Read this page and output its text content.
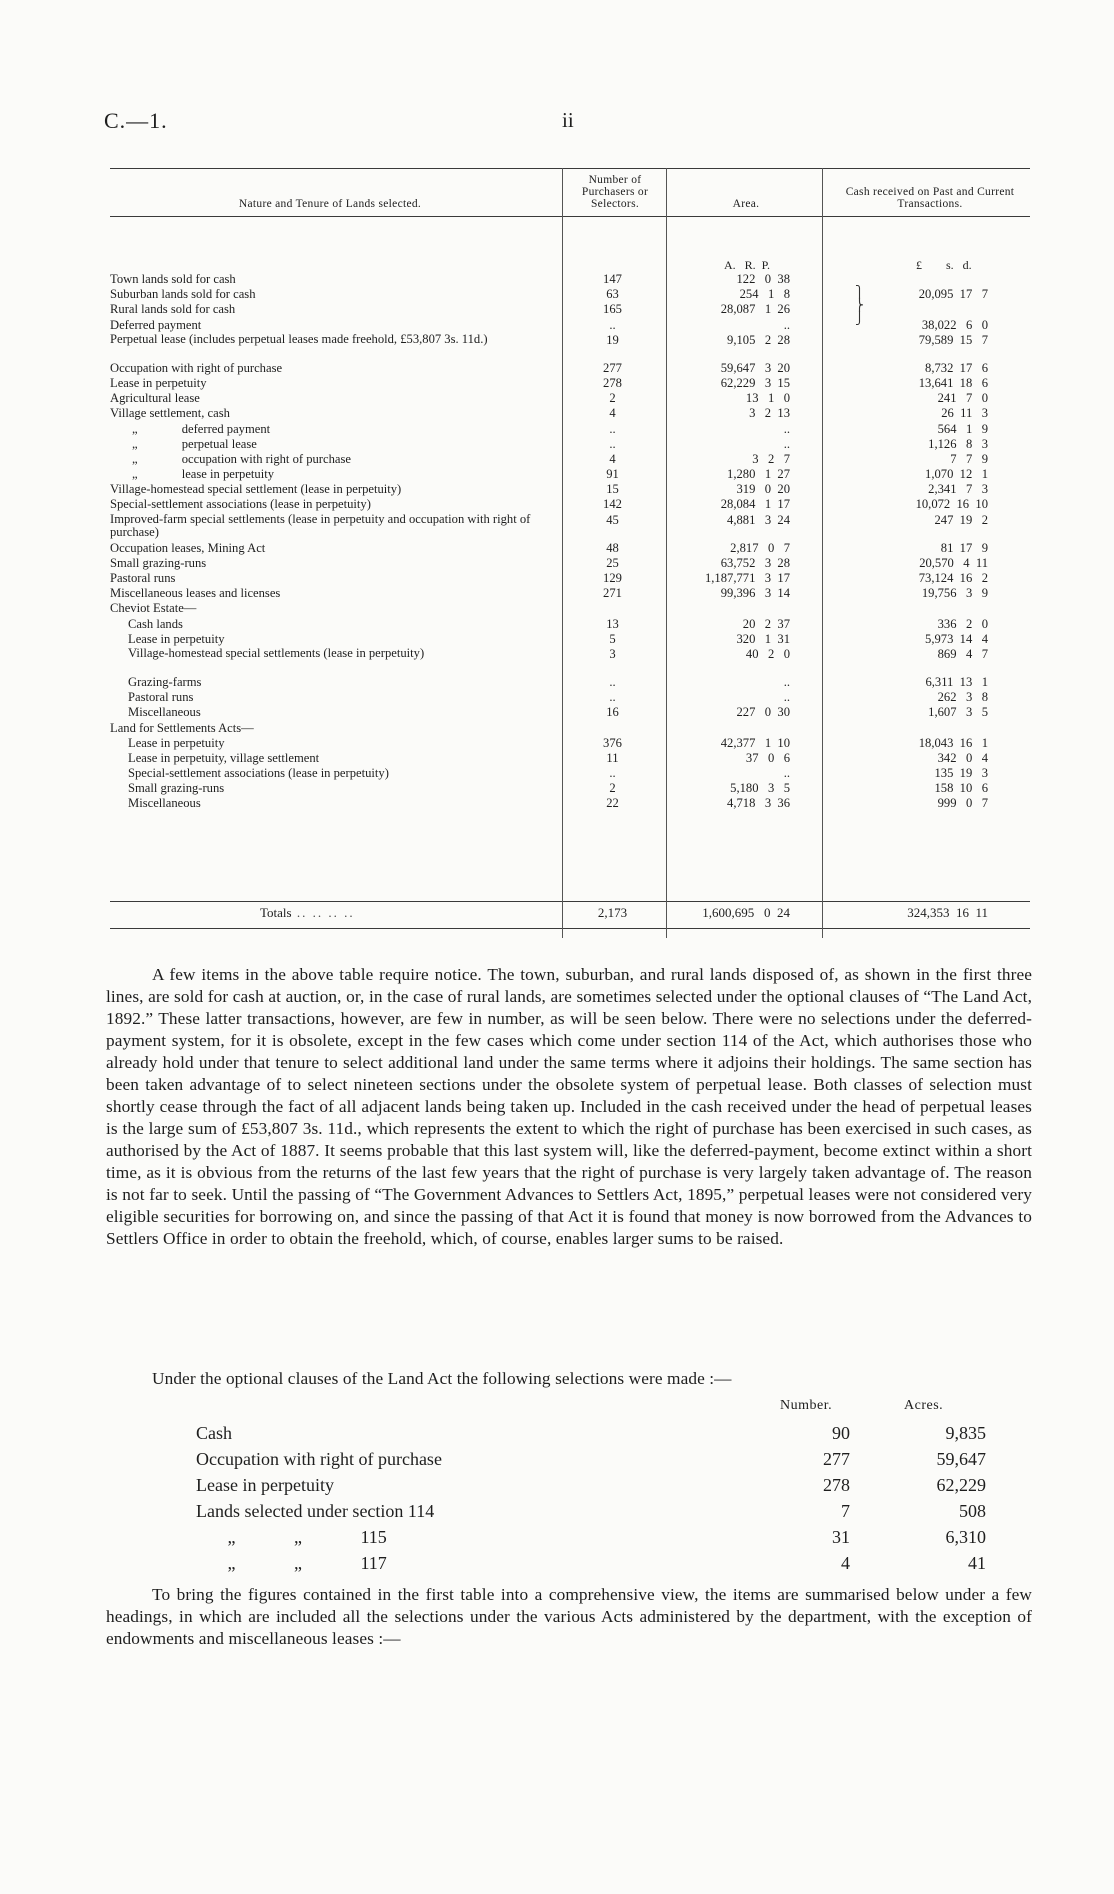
C.—1.	ii
Nature and Tenure of Lands selected.
Number of Purchasers or Selectors.	Area.
Cash received on Past and Current Transactions.
A.   R.  P.	£        s.   d.
⎫
⎬
⎭
Town lands sold for cash	147	122   0  38
Suburban lands sold for cash	63	254   1   8	20,095  17   7
Rural lands sold for cash	165	28,087   1  26
Deferred payment	..	..	38,022   6   0
Perpetual lease (includes perpetual leases made freehold, £53,807 3s. 11d.)	19	9,105   2  28	79,589  15   7
Occupation with right of purchase	277	59,647   3  20	8,732  17   6
Lease in perpetuity	278	62,229   3  15	13,641  18   6
Agricultural lease	2	13   1   0	241   7   0
Village settlement, cash	4	3   2  13	26  11   3
„              deferred payment	..	..	564   1   9
„              perpetual lease	..	..	1,126   8   3
„              occupation with right of purchase	4	3   2   7	7   7   9
„              lease in perpetuity	91	1,280   1  27	1,070  12   1
Village-homestead special settlement (lease in perpetuity)	15	319   0  20	2,341   7   3
Special-settlement associations (lease in perpetuity)	142	28,084   1  17	10,072  16  10
Improved-farm special settlements (lease in perpetuity and occupation with right of purchase)
45	4,881   3  24	247  19   2
Occupation leases, Mining Act	48	2,817   0   7	81  17   9
Small grazing-runs	25	63,752   3  28	20,570   4  11
Pastoral runs	129	1,187,771   3  17	73,124  16   2
Miscellaneous leases and licenses	271	99,396   3  14	19,756   3   9
Cheviot Estate—
Cash lands	13	20   2  37	336   2   0
Lease in perpetuity	5	320   1  31	5,973  14   4
Village-homestead special settlements (lease in perpetuity)	3	40   2   0	869   4   7
Grazing-farms	..	..	6,311  13   1
Pastoral runs	..	..	262   3   8
Miscellaneous	16	227   0  30	1,607   3   5
Land for Settlements Acts—
Lease in perpetuity	376	42,377   1  10	18,043  16   1
Lease in perpetuity, village settlement	11	37   0   6	342   0   4
Special-settlement associations (lease in perpetuity)	..	..	135  19   3
Small grazing-runs	2	5,180   3   5	158  10   6
Miscellaneous	22	4,718   3  36	999   0   7
Totals .. .. .. ..	2,173	1,600,695   0  24	324,353  16  11
A few items in the above table require notice. The town, suburban, and rural lands disposed of, as shown in the first three lines, are sold for cash at auction, or, in the case of rural lands, are sometimes selected under the optional clauses of “The Land Act, 1892.” These latter transactions, however, are few in number, as will be seen below. There were no selections under the deferred-payment system, for it is obsolete, except in the few cases which come under section 114 of the Act, which authorises those who already hold under that tenure to select additional land under the same terms where it adjoins their holdings. The same section has been taken advantage of to select nineteen sections under the obsolete system of perpetual lease. Both classes of selection must shortly cease through the fact of all adjacent lands being taken up. Included in the cash received under the head of perpetual leases is the large sum of £53,807 3s. 11d., which represents the extent to which the right of purchase has been exercised in such cases, as authorised by the Act of 1887. It seems probable that this last system will, like the deferred-payment, become extinct within a short time, as it is obvious from the returns of the last few years that the right of purchase is very largely taken advantage of. The reason is not far to seek. Until the passing of “The Government Advances to Settlers Act, 1895,” perpetual leases were not considered very eligible securities for borrowing on, and since the passing of that Act it is found that money is now borrowed from the Advances to Settlers Office in order to obtain the freehold, which, of course, enables larger sums to be raised.
Under the optional clauses of the Land Act the following selections were made :—
Number.	Acres.
Cash	90	9,835
Occupation with right of purchase	277	59,647
Lease in perpetuity	278	62,229
Lands selected under section 114	7	508
„             „             115	31	6,310
„             „             117	4	41
To bring the figures contained in the first table into a comprehensive view, the items are summarised below under a few headings, in which are included all the selections under the various Acts administered by the department, with the exception of endowments and miscellaneous leases :—
